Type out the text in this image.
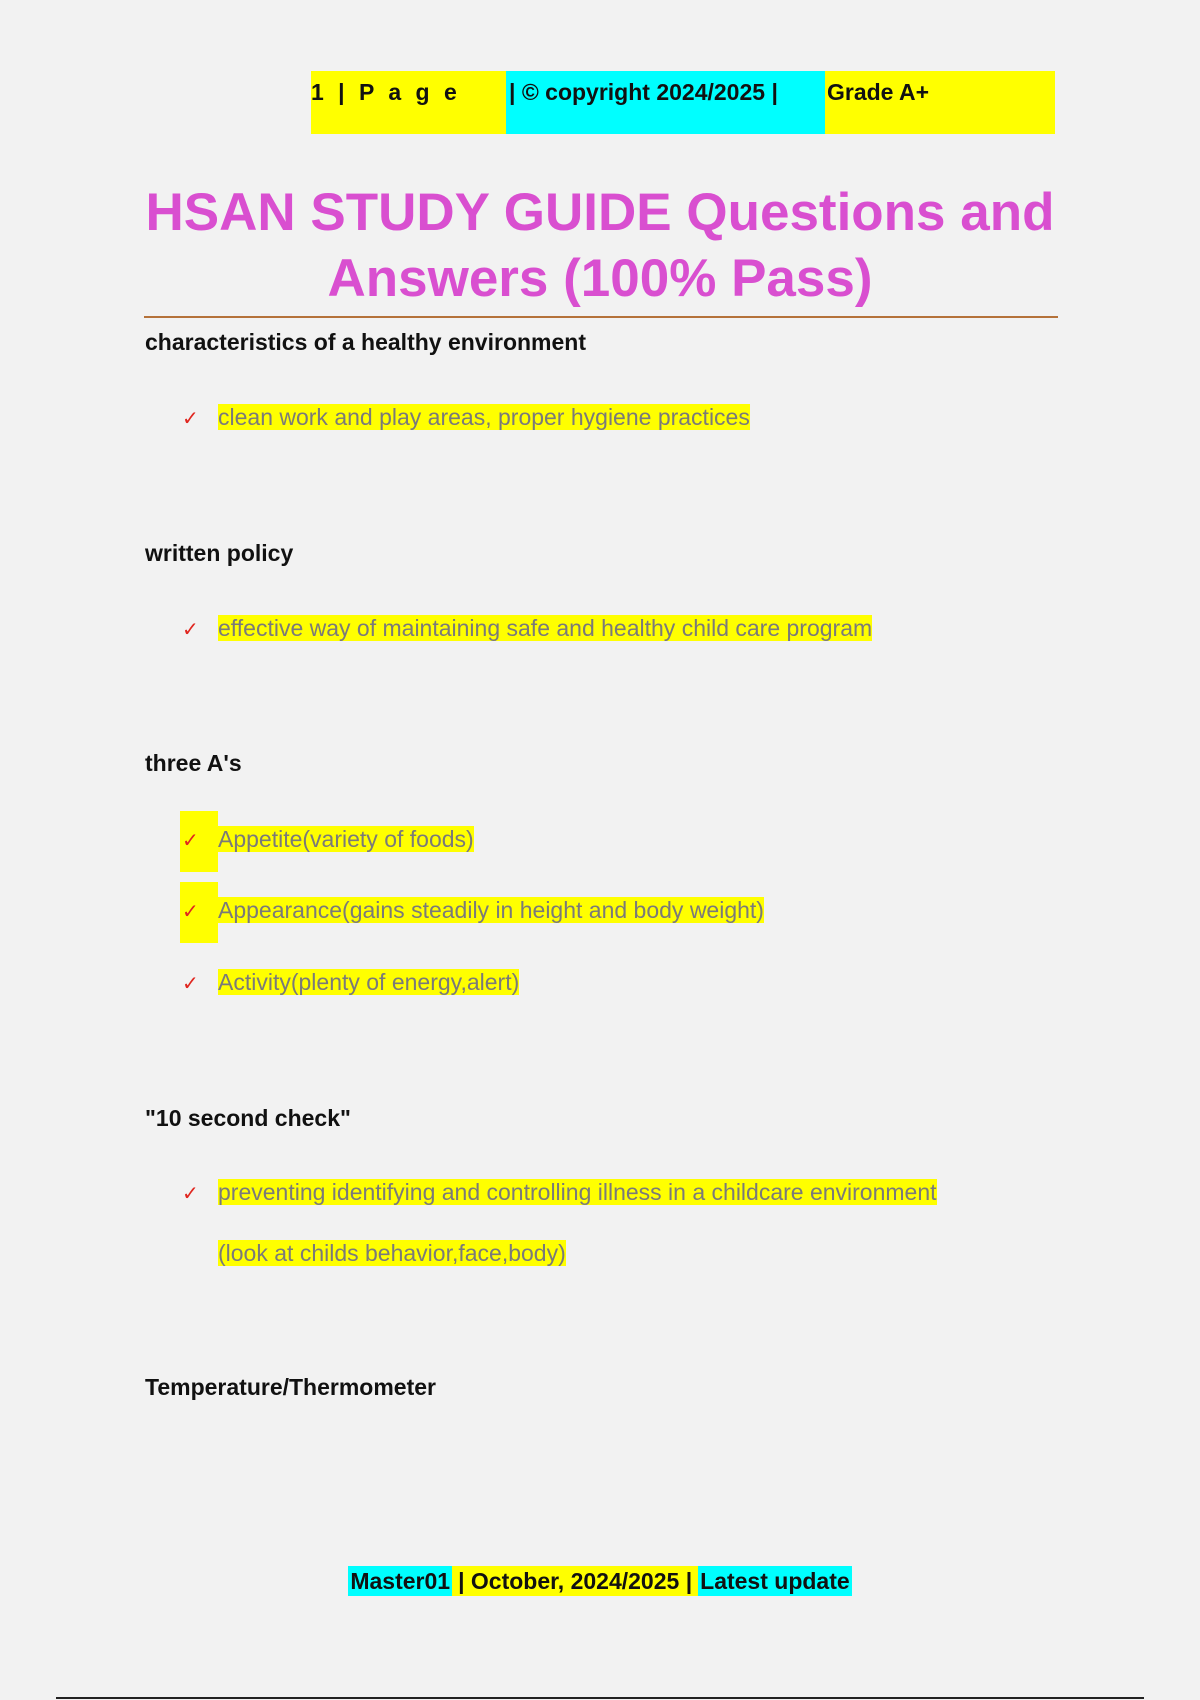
1 | P a g e	| © copyright 2024/2025 |	Grade A+
HSAN STUDY GUIDE Questions and
Answers (100% Pass)

characteristics of a healthy environment

✓ clean work and play areas, proper hygiene practices

written policy

✓ effective way of maintaining safe and healthy child care program

three A's

✓ Appetite(variety of foods)
✓ Appearance(gains steadily in height and body weight)
✓ Activity(plenty of energy,alert)

"10 second check"

✓ preventing identifying and controlling illness in a childcare environment
(look at childs behavior,face,body)

Temperature/Thermometer

Master01 | October, 2024/2025 | Latest update
